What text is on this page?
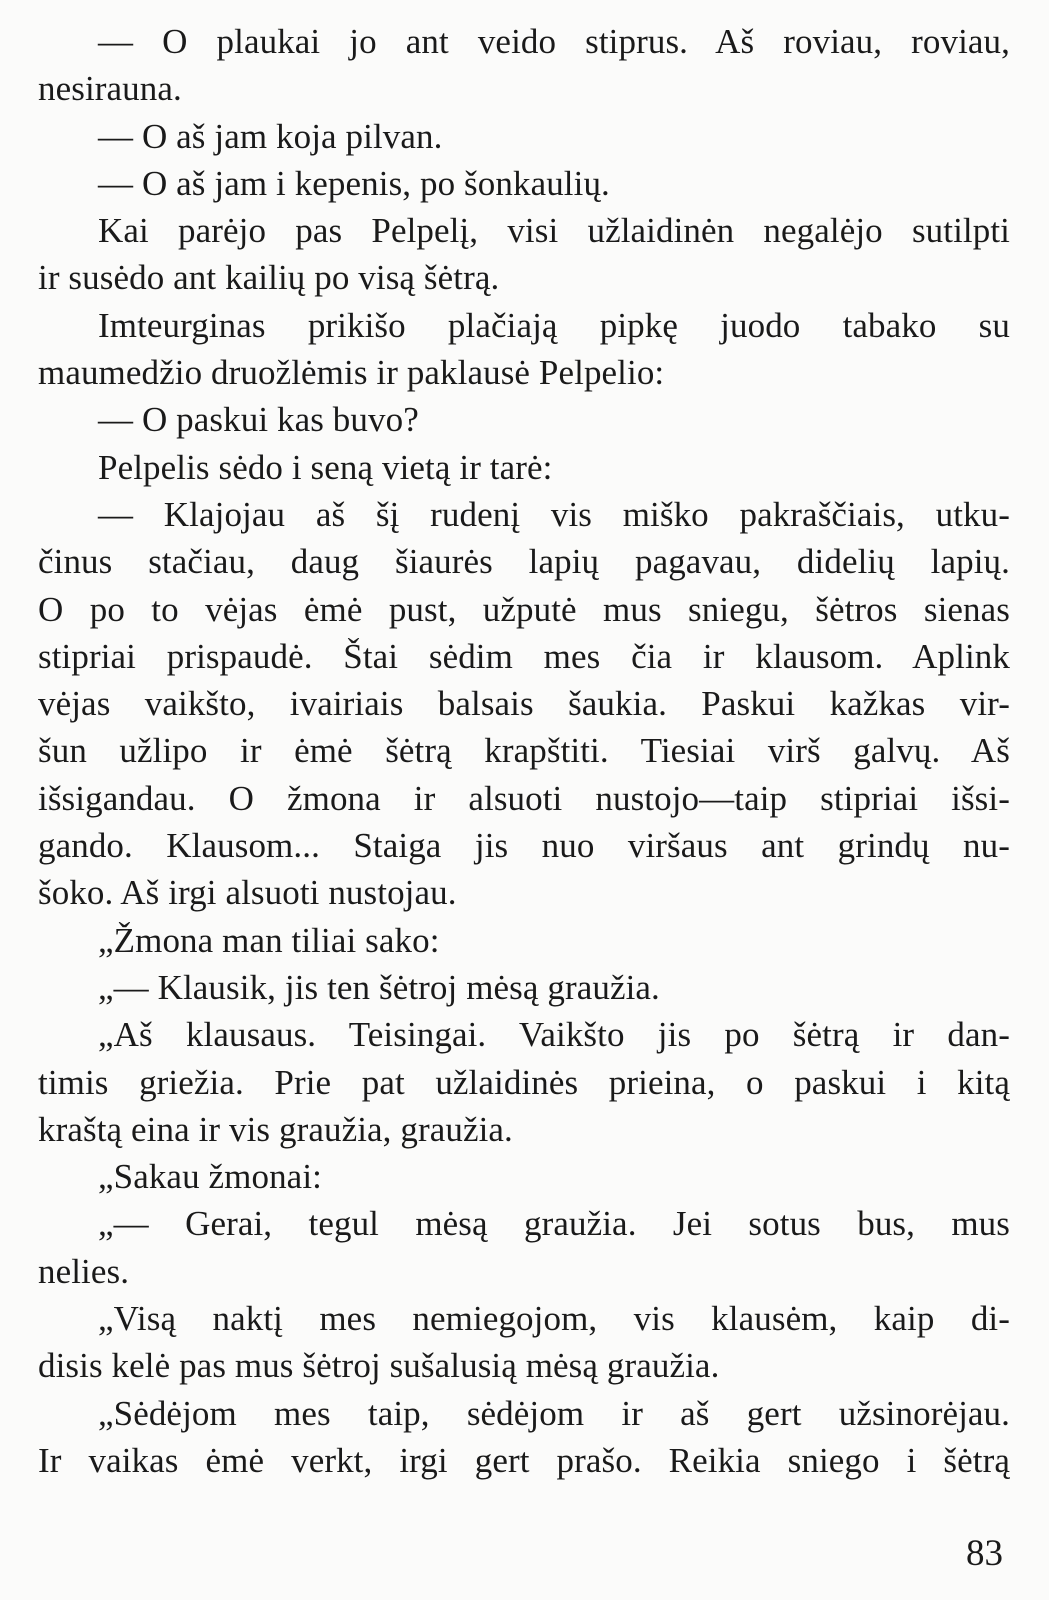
— O plaukai jo ant veido stiprus. Aš roviau, roviau,
nesirauna.
— O aš jam koja pilvan.
— O aš jam i kepenis, po šonkaulių.
Kai parėjo pas Pelpelį, visi užlaidinėn negalėjo sutilpti
ir susėdo ant kailių po visą šėtrą.
Imteurginas prikišo plačiają pipkę juodo tabako su
maumedžio druožlėmis ir paklausė Pelpelio:
— O paskui kas buvo?
Pelpelis sėdo i seną vietą ir tarė:
— Klajojau aš šį rudenį vis miško pakraščiais, utku-
činus stačiau, daug šiaurės lapių pagavau, didelių lapių.
O po to vėjas ėmė pust, užputė mus sniegu, šėtros sienas
stipriai prispaudė. Štai sėdim mes čia ir klausom. Aplink
vėjas vaikšto, ivairiais balsais šaukia. Paskui kažkas vir-
šun užlipo ir ėmė šėtrą krapštiti. Tiesiai virš galvų. Aš
išsigandau. O žmona ir alsuoti nustojo—taip stipriai išsi-
gando. Klausom... Staiga jis nuo viršaus ant grindų nu-
šoko. Aš irgi alsuoti nustojau.
„Žmona man tiliai sako:
„— Klausik, jis ten šėtroj mėsą graužia.
„Aš klausaus. Teisingai. Vaikšto jis po šėtrą ir dan-
timis griežia. Prie pat užlaidinės prieina, o paskui i kitą
kraštą eina ir vis graužia, graužia.
„Sakau žmonai:
„— Gerai, tegul mėsą graužia. Jei sotus bus, mus
nelies.
„Visą naktį mes nemiegojom, vis klausėm, kaip di-
disis kelė pas mus šėtroj sušalusią mėsą graužia.
„Sėdėjom mes taip, sėdėjom ir aš gert užsinorėjau.
Ir vaikas ėmė verkt, irgi gert prašo. Reikia sniego i šėtrą
83
